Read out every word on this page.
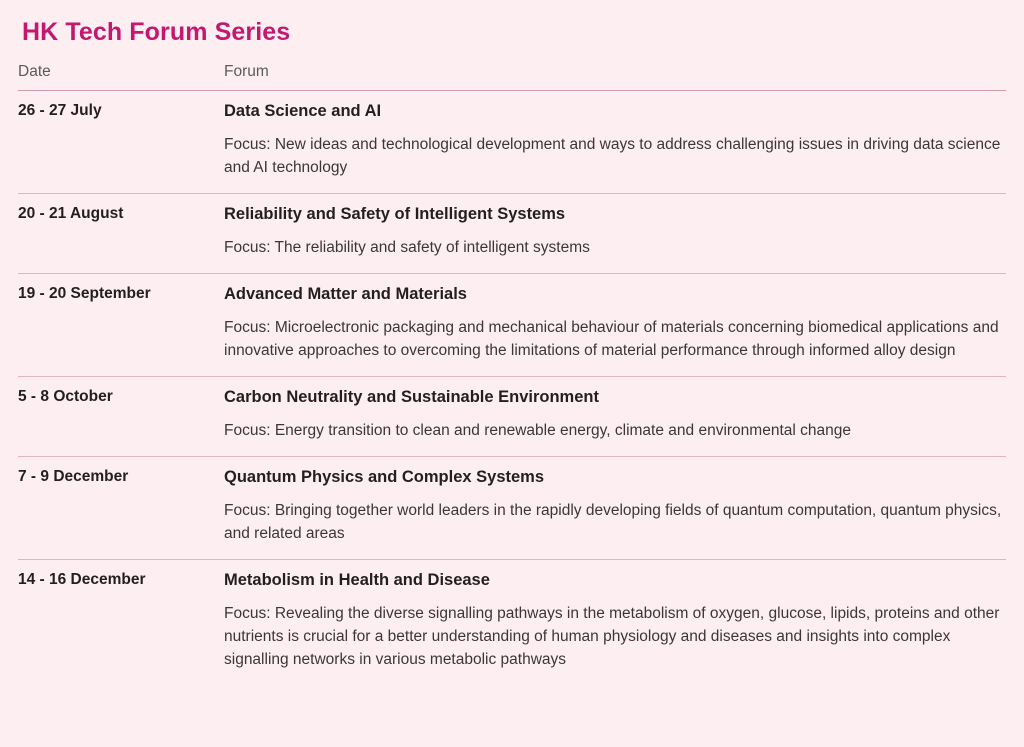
HK Tech Forum Series
Date	Forum
26 - 27 July	Data Science and AI
Focus: New ideas and technological development and ways to address challenging issues in driving data science and AI technology

20 - 21 August	Reliability and Safety of Intelligent Systems
Focus: The reliability and safety of intelligent systems

19 - 20 September	Advanced Matter and Materials
Focus: Microelectronic packaging and mechanical behaviour of materials concerning biomedical applications and innovative approaches to overcoming the limitations of material performance through informed alloy design

5 - 8 October	Carbon Neutrality and Sustainable Environment
Focus: Energy transition to clean and renewable energy, climate and environmental change

7 - 9 December	Quantum Physics and Complex Systems
Focus: Bringing together world leaders in the rapidly developing fields of quantum computation, quantum physics, and related areas

14 - 16 December	Metabolism in Health and Disease
Focus: Revealing the diverse signalling pathways in the metabolism of oxygen, glucose, lipids, proteins and other nutrients is crucial for a better understanding of human physiology and diseases and insights into complex signalling networks in various metabolic pathways
